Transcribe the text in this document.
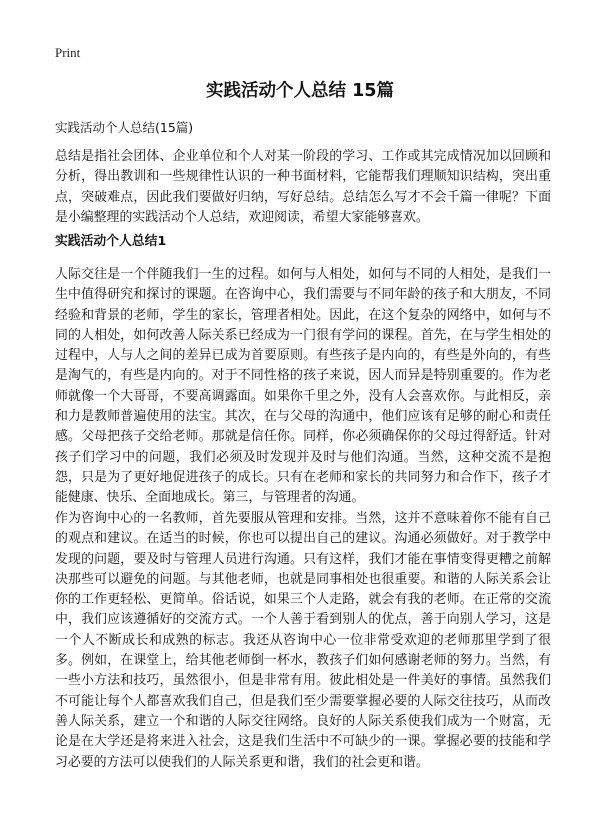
Print
实践活动个人总结 15篇

实践活动个人总结(15篇)

总结是指社会团体、企业单位和个人对某一阶段的学习、工作或其完成情况加以回顾和分析，得出教训和一些规律性认识的一种书面材料，它能帮我们理顺知识结构，突出重点，突破难点，因此我们要做好归纳，写好总结。总结怎么写才不会千篇一律呢？下面是小编整理的实践活动个人总结，欢迎阅读，希望大家能够喜欢。

实践活动个人总结1

人际交往是一个伴随我们一生的过程。如何与人相处，如何与不同的人相处，是我们一生中值得研究和探讨的课题。在咨询中心，我们需要与不同年龄的孩子和大朋友，不同经验和背景的老师，学生的家长，管理者相处。因此，在这个复杂的网络中，如何与不同的人相处，如何改善人际关系已经成为一门很有学问的课程。首先，在与学生相处的过程中，人与人之间的差异已成为首要原则。有些孩子是内向的，有些是外向的，有些是淘气的，有些是内向的。对于不同性格的孩子来说，因人而异是特别重要的。作为老师就像一个大哥哥，不要高调露面。如果你千里之外，没有人会喜欢你。与此相反，亲和力是教师普遍使用的法宝。其次，在与父母的沟通中，他们应该有足够的耐心和责任感。父母把孩子交给老师。那就是信任你。同样，你必须确保你的父母过得舒适。针对孩子们学习中的问题，我们必须及时发现并及时与他们沟通。当然，这种交流不是抱怨，只是为了更好地促进孩子的成长。只有在老师和家长的共同努力和合作下，孩子才能健康、快乐、全面地成长。第三，与管理者的沟通。

作为咨询中心的一名教师，首先要服从管理和安排。当然，这并不意味着你不能有自己的观点和建议。在适当的时候，你也可以提出自己的建议。沟通必须做好。对于教学中发现的问题，要及时与管理人员进行沟通。只有这样，我们才能在事情变得更糟之前解决那些可以避免的问题。与其他老师，也就是同事相处也很重要。和谐的人际关系会让你的工作更轻松、更简单。俗话说，如果三个人走路，就会有我的老师。在正常的交流中，我们应该遵循好的交流方式。一个人善于看到别人的优点，善于向别人学习，这是一个人不断成长和成熟的标志。我还从咨询中心一位非常受欢迎的老师那里学到了很多。例如，在课堂上，给其他老师倒一杯水，教孩子们如何感谢老师的努力。当然，有一些小方法和技巧，虽然很小，但是非常有用。彼此相处是一件美好的事情。虽然我们不可能让每个人都喜欢我们自己，但是我们至少需要掌握必要的人际交往技巧，从而改善人际关系，建立一个和谐的人际交往网络。良好的人际关系使我们成为一个财富，无论是在大学还是将来进入社会，这是我们生活中不可缺少的一课。掌握必要的技能和学习必要的方法可以使我们的人际关系更和谐，我们的社会更和谐。
